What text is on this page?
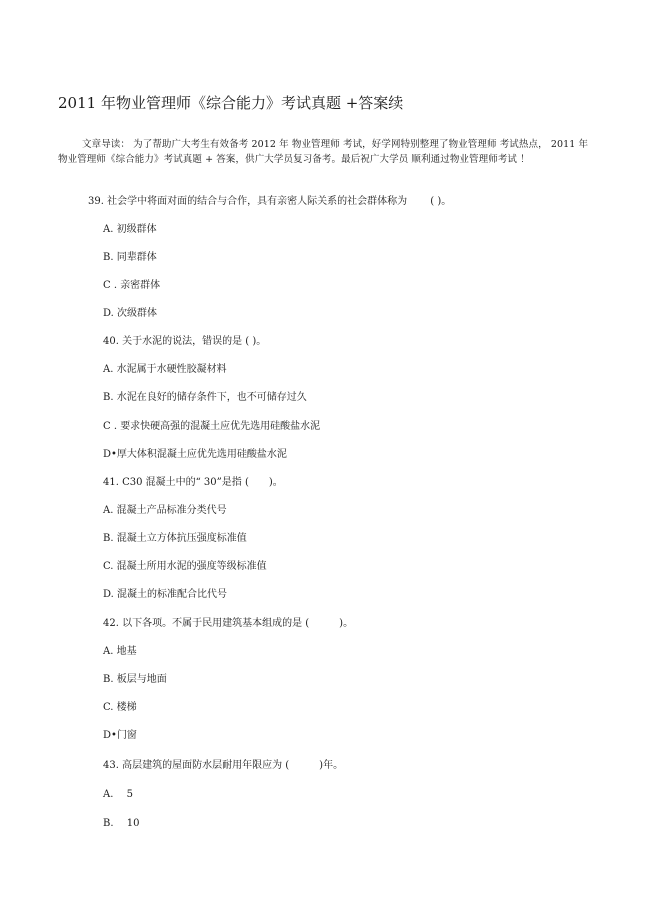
2011 年物业管理师《综合能力》考试真题 +答案续
文章导读： 为了帮助广大考生有效备考 2012 年 物业管理师 考试，好学网特别整理了物业管理师 考试热点， 2011 年物业管理师《综合能力》考试真题 + 答案，供广大学员复习备考。最后祝广大学员 顺利通过物业管理师考试 ！
39. 社会学中将面对面的结合与合作，具有亲密人际关系的社会群体称为　　 ( )。
A. 初级群体
B. 同辈群体
C . 亲密群体
D. 次级群体
40. 关于水泥的说法，错误的是 ( )。
A. 水泥属于水硬性胶凝材料
B. 水泥在良好的储存条件下，也不可储存过久
C . 要求快硬高强的混凝土应优先选用硅酸盐水泥
D•厚大体积混凝土应优先选用硅酸盐水泥
41. C30 混凝土中的“ 30”是指 (　　)。
A. 混凝土产品标准分类代号
B. 混凝土立方体抗压强度标准值
C. 混凝土所用水泥的强度等级标准值
D. 混凝土的标准配合比代号
42. 以下各项。不属于民用建筑基本组成的是 (　　　)。
A. 地基
B. 板层与地面
C. 楼梯
D•门窗
43. 高层建筑的屋面防水层耐用年限应为 (　　　)年。
A.　 5
B.　 10
